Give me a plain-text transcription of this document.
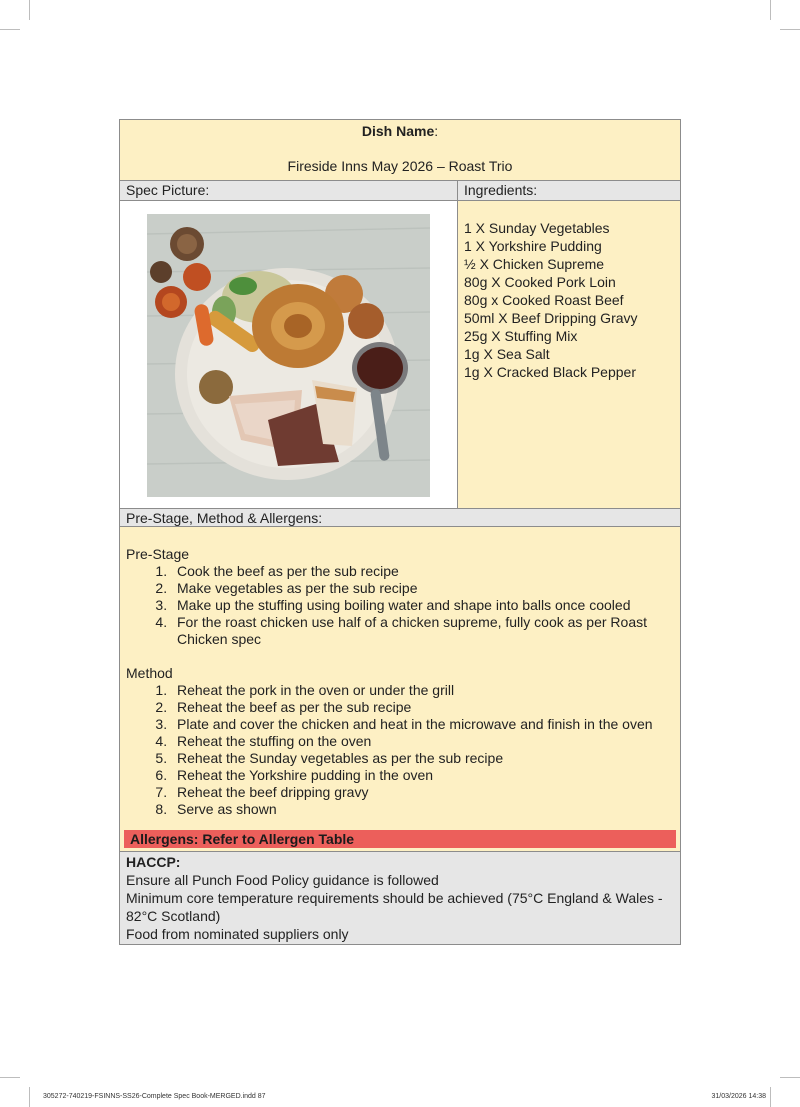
Dish Name:
Fireside Inns May 2026 – Roast Trio
Spec Picture:	Ingredients:
1 X Sunday Vegetables
1 X Yorkshire Pudding
½ X Chicken Supreme
80g X Cooked Pork Loin
80g x Cooked Roast Beef
50ml X Beef Dripping Gravy
25g X Stuffing Mix
1g X Sea Salt
1g X Cracked Black Pepper
Pre-Stage, Method & Allergens:

Pre-Stage

1. Cook the beef as per the sub recipe
2. Make vegetables as per the sub recipe
3. Make up the stuffing using boiling water and shape into balls once cooled
4. For the roast chicken use half of a chicken supreme, fully cook as per Roast Chicken spec

Method

1. Reheat the pork in the oven or under the grill
2. Reheat the beef as per the sub recipe
3. Plate and cover the chicken and heat in the microwave and finish in the oven
4. Reheat the stuffing on the oven
5. Reheat the Sunday vegetables as per the sub recipe
6. Reheat the Yorkshire pudding in the oven
7. Reheat the beef dripping gravy
8. Serve as shown
Allergens: Refer to Allergen Table
HACCP:
Ensure all Punch Food Policy guidance is followed
Minimum core temperature requirements should be achieved (75°C England & Wales - 82°C Scotland)
Food from nominated suppliers only
305272-740219-FSINNS-SS26-Complete Spec Book-MERGED.indd 87	31/03/2026 14:38
